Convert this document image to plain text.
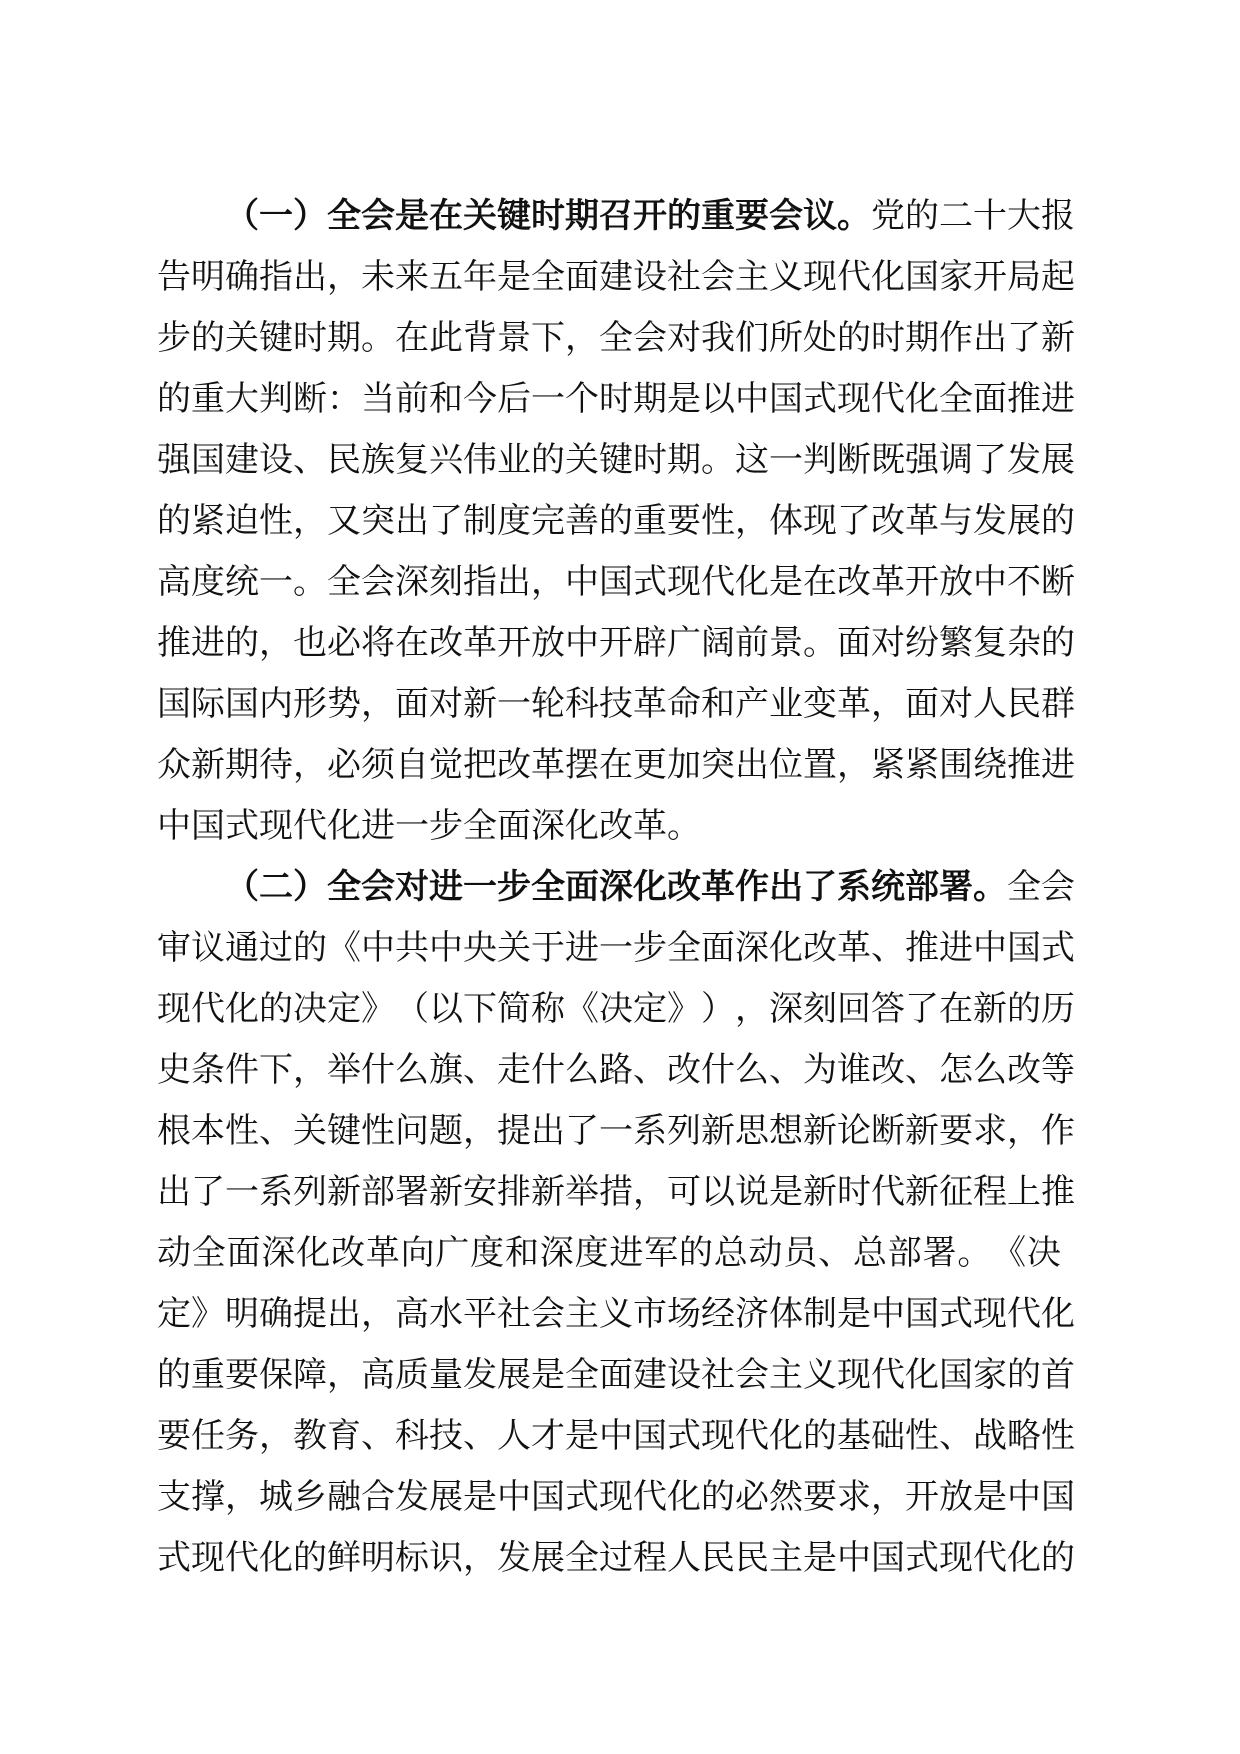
（ 一 ） 全 会 是 在 关 键 时 期 召 开 的 重 要 会 议 。 党 的 二 十 大 报
告 明 确 指 出 ， 未 来 五 年 是 全 面 建 设 社 会 主 义 现 代 化 国 家 开 局 起
步 的 关 键 时 期 。 在 此 背 景 下 ， 全 会 对 我 们 所 处 的 时 期 作 出 了 新
的 重 大 判 断 ： 当 前 和 今 后 一 个 时 期 是 以 中 国 式 现 代 化 全 面 推 进
强 国 建 设 、 民 族 复 兴 伟 业 的 关 键 时 期 。 这 一 判 断 既 强 调 了 发 展
的 紧 迫 性 ， 又 突 出 了 制 度 完 善 的 重 要 性 ， 体 现 了 改 革 与 发 展 的
高 度 统 一 。 全 会 深 刻 指 出 ， 中 国 式 现 代 化 是 在 改 革 开 放 中 不 断
推 进 的 ， 也 必 将 在 改 革 开 放 中 开 辟 广 阔 前 景 。 面 对 纷 繁 复 杂 的
国 际 国 内 形 势 ， 面 对 新 一 轮 科 技 革 命 和 产 业 变 革 ， 面 对 人 民 群
众 新 期 待 ， 必 须 自 觉 把 改 革 摆 在 更 加 突 出 位 置 ， 紧 紧 围 绕 推 进
中国式现代化进一步全面深化改革。
（ 二 ） 全 会 对 进 一 步 全 面 深 化 改 革 作 出 了 系 统 部 署 。 全 会
审 议 通 过 的 《 中 共 中 央 关 于 进 一 步 全 面 深 化 改 革 、 推 进 中 国 式
现 代 化 的 决 定 》 （ 以 下 简 称 《 决 定 》 ） ， 深 刻 回 答 了 在 新 的 历
史 条 件 下 ， 举 什 么 旗 、 走 什 么 路 、 改 什 么 、 为 谁 改 、 怎 么 改 等
根 本 性 、 关 键 性 问 题 ， 提 出 了 一 系 列 新 思 想 新 论 断 新 要 求 ， 作
出 了 一 系 列 新 部 署 新 安 排 新 举 措 ， 可 以 说 是 新 时 代 新 征 程 上 推
动 全 面 深 化 改 革 向 广 度 和 深 度 进 军 的 总 动 员 、 总 部 署 。 《 决
定 》 明 确 提 出 ， 高 水 平 社 会 主 义 市 场 经 济 体 制 是 中 国 式 现 代 化
的 重 要 保 障 ， 高 质 量 发 展 是 全 面 建 设 社 会 主 义 现 代 化 国 家 的 首
要 任 务 ， 教 育 、 科 技 、 人 才 是 中 国 式 现 代 化 的 基 础 性 、 战 略 性
支 撑 ， 城 乡 融 合 发 展 是 中 国 式 现 代 化 的 必 然 要 求 ， 开 放 是 中 国
式 现 代 化 的 鲜 明 标 识 ， 发 展 全 过 程 人 民 民 主 是 中 国 式 现 代 化 的
